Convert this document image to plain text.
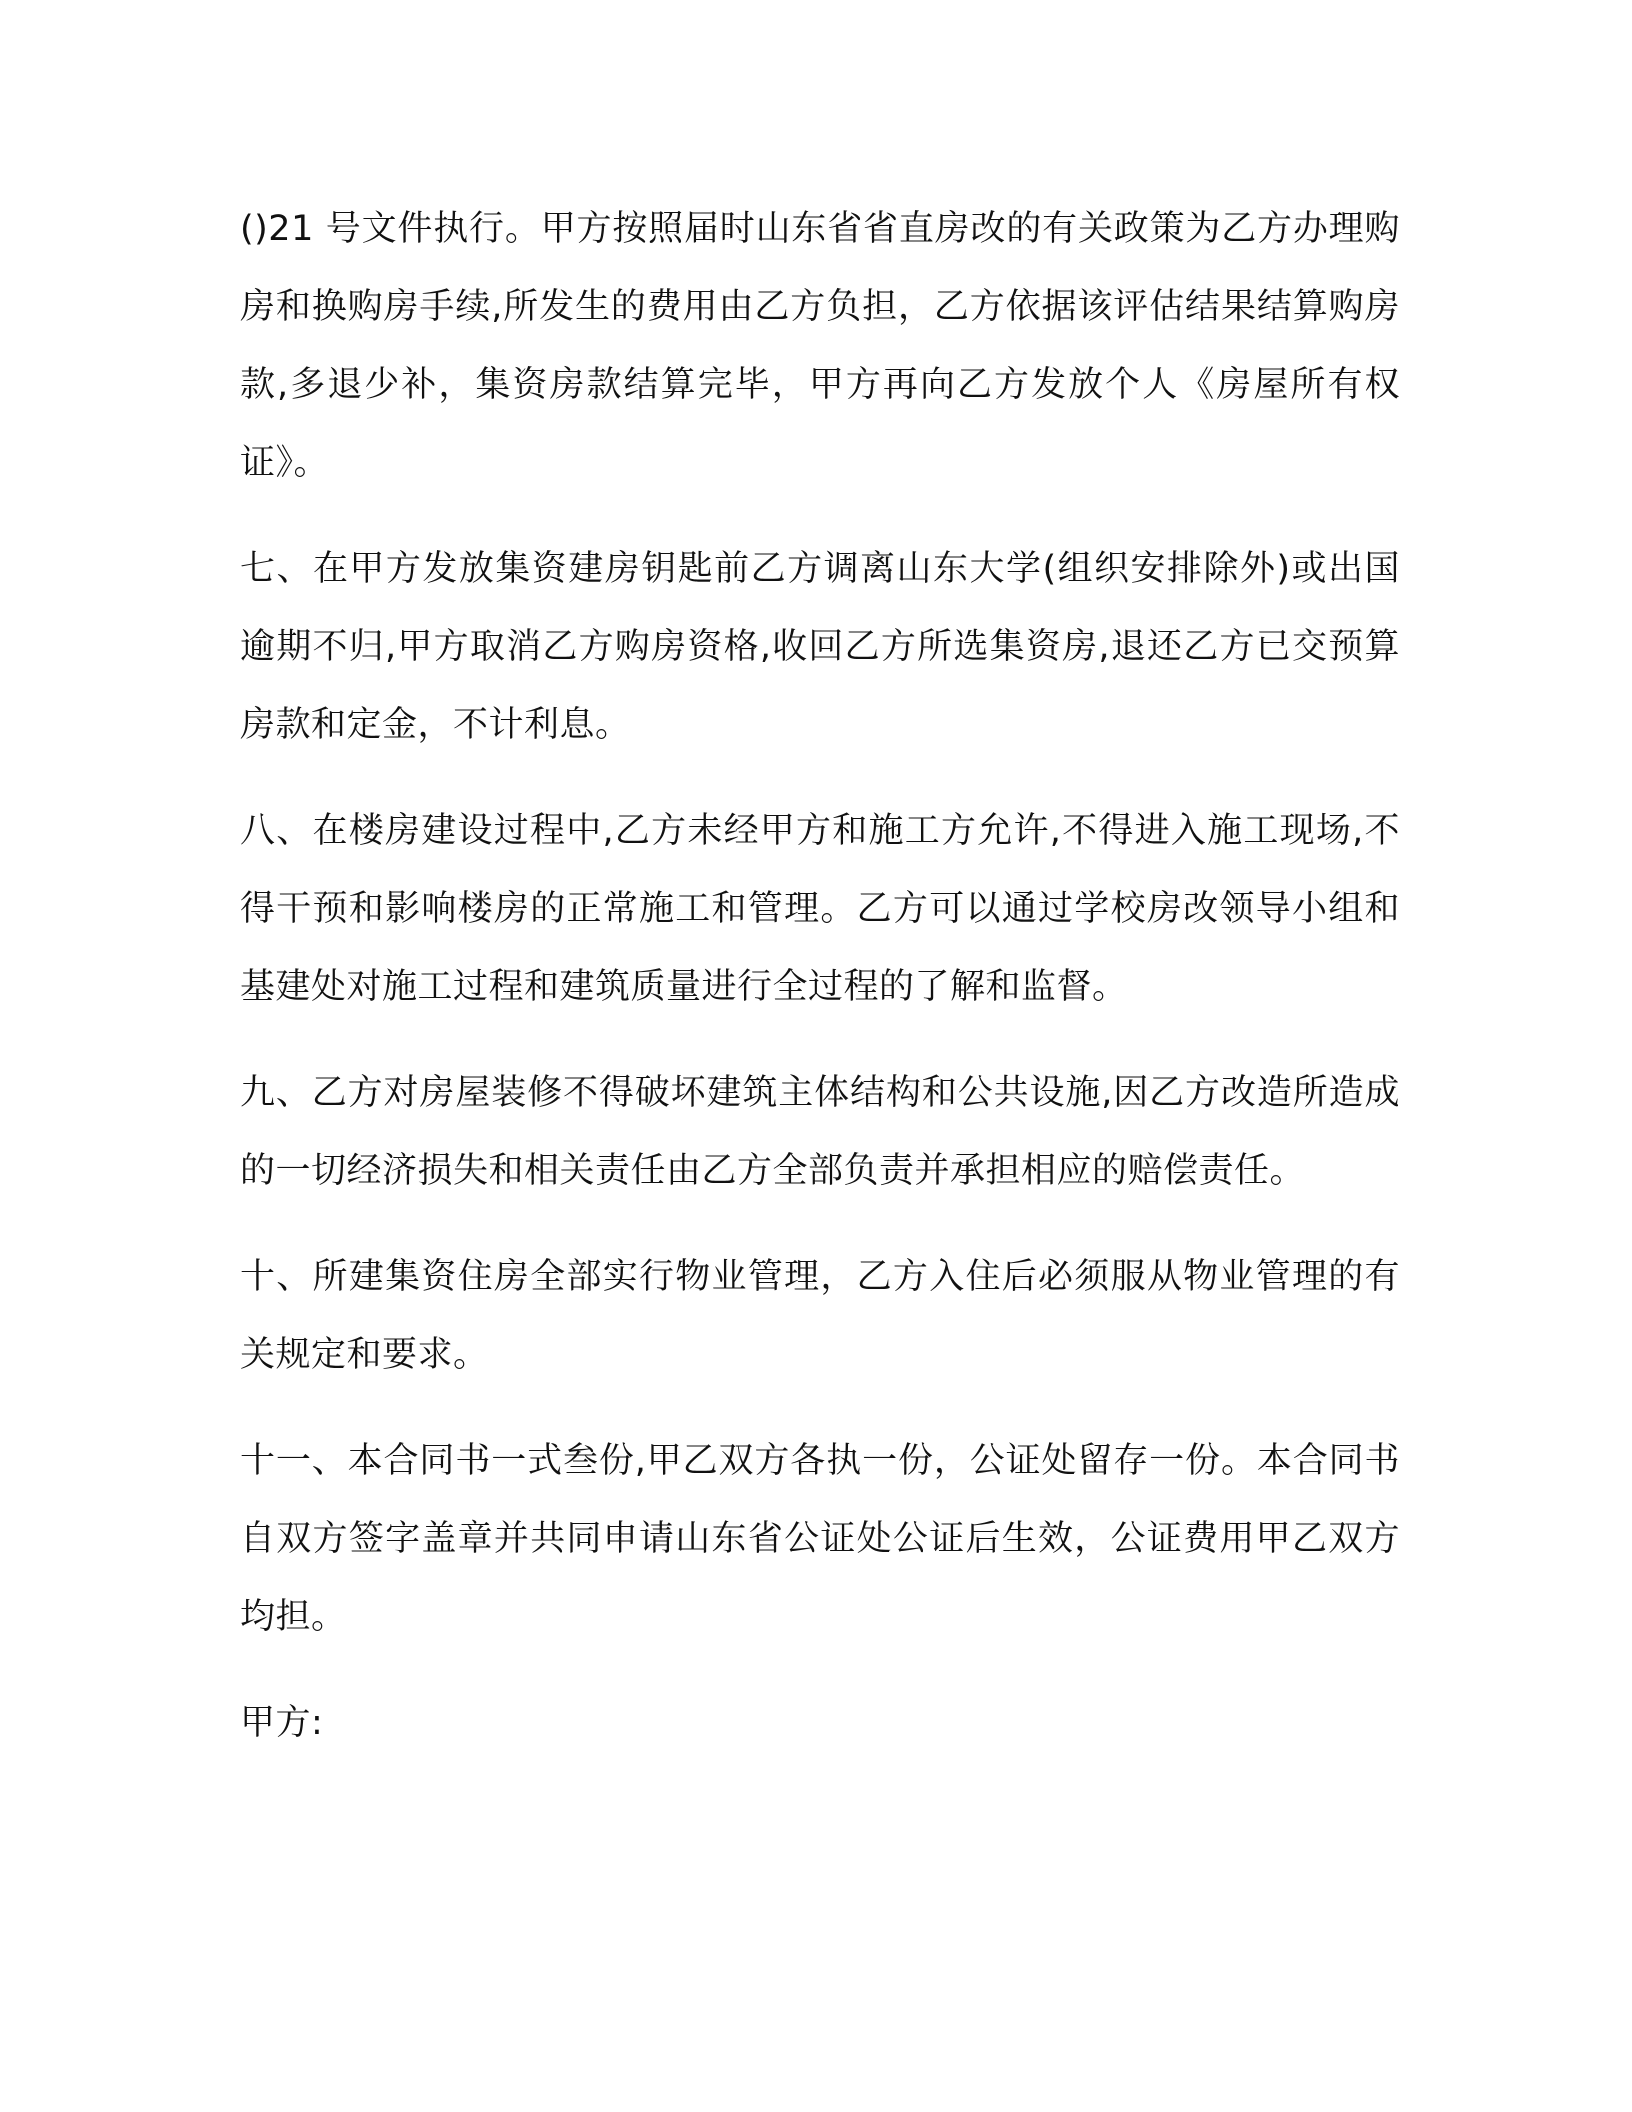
()21 号文件执行。甲方按照届时山东省省直房改的有关政策为乙方办理购房和换购房手续,所发生的费用由乙方负担，乙方依据该评估结果结算购房款,多退少补，集资房款结算完毕，甲方再向乙方发放个人《房屋所有权证》。

七、在甲方发放集资建房钥匙前乙方调离山东大学(组织安排除外)或出国逾期不归,甲方取消乙方购房资格,收回乙方所选集资房,退还乙方已交预算房款和定金，不计利息。

八、在楼房建设过程中,乙方未经甲方和施工方允许,不得进入施工现场,不得干预和影响楼房的正常施工和管理。乙方可以通过学校房改领导小组和基建处对施工过程和建筑质量进行全过程的了解和监督。

九、乙方对房屋装修不得破坏建筑主体结构和公共设施,因乙方改造所造成的一切经济损失和相关责任由乙方全部负责并承担相应的赔偿责任。

十、所建集资住房全部实行物业管理，乙方入住后必须服从物业管理的有关规定和要求。

十一、本合同书一式叁份,甲乙双方各执一份，公证处留存一份。本合同书自双方签字盖章并共同申请山东省公证处公证后生效，公证费用甲乙双方均担。

甲方:
